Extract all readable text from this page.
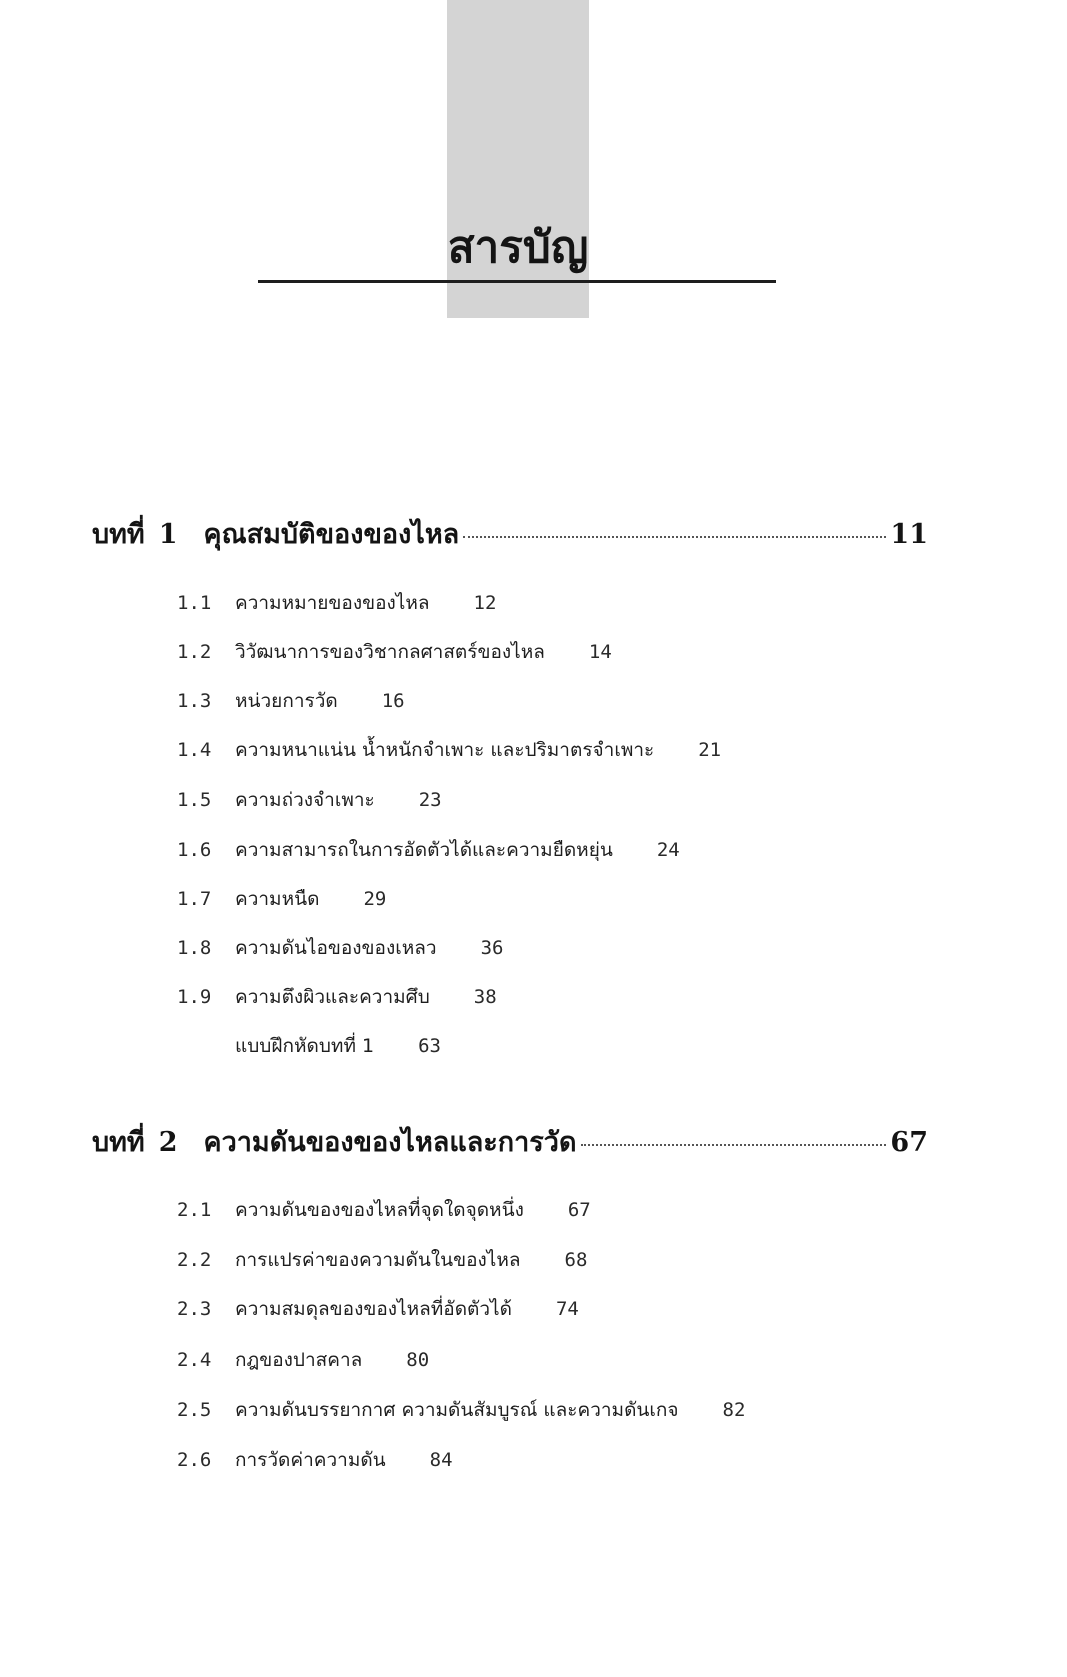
สารบัญ
บทที่ 1 คุณสมบัติของของไหล	11
1.1	ความหมายของของไหล 12
1.2	วิวัฒนาการของวิชากลศาสตร์ของไหล 14
1.3	หน่วยการวัด 16
1.4	ความหนาแน่น น้ำหนักจำเพาะ และปริมาตรจำเพาะ 21
1.5	ความถ่วงจำเพาะ 23
1.6	ความสามารถในการอัดตัวได้และความยืดหยุ่น 24
1.7	ความหนืด 29
1.8	ความดันไอของของเหลว 36
1.9	ความตึงผิวและความศึบ 38
แบบฝึกหัดบทที่ 1 63
บทที่ 2 ความดันของของไหลและการวัด	67
2.1	ความดันของของไหลที่จุดใดจุดหนึ่ง 67
2.2	การแปรค่าของความดันในของไหล 68
2.3	ความสมดุลของของไหลที่อัดตัวได้ 74
2.4	กฎของปาสคาล 80
2.5	ความดันบรรยากาศ ความดันสัมบูรณ์ และความดันเกจ 82
2.6	การวัดค่าความดัน 84
